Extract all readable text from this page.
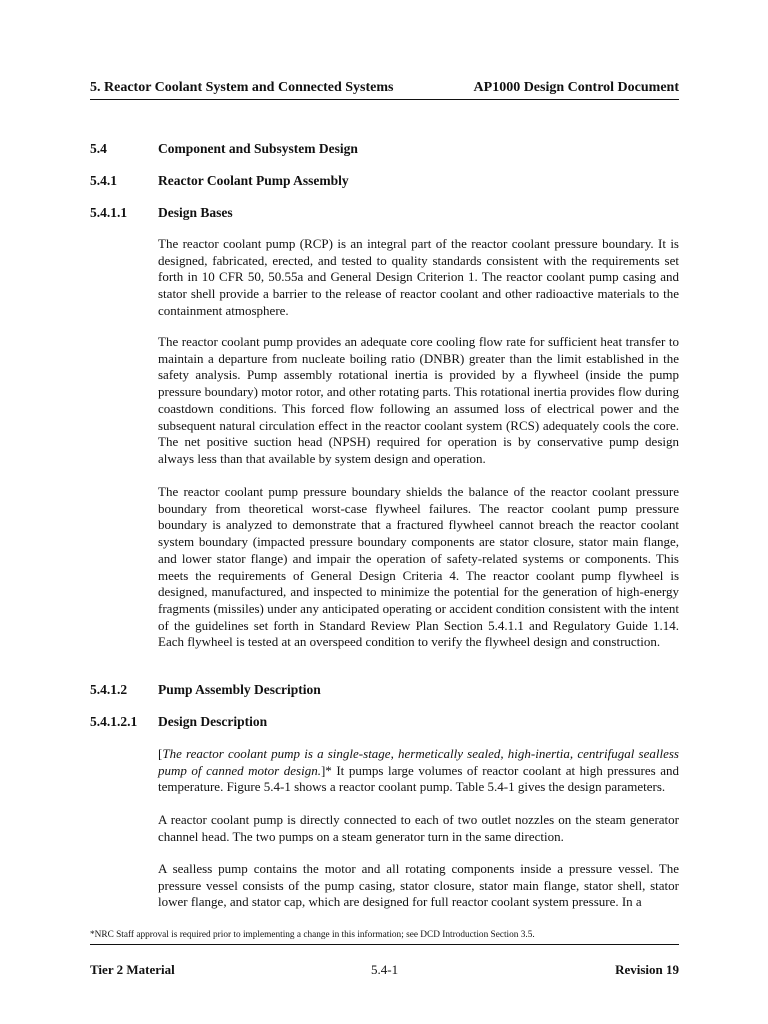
5. Reactor Coolant System and Connected Systems	AP1000 Design Control Document
5.4	Component and Subsystem Design
5.4.1	Reactor Coolant Pump Assembly
5.4.1.1 Design Bases

The reactor coolant pump (RCP) is an integral part of the reactor coolant pressure boundary. It is designed, fabricated, erected, and tested to quality standards consistent with the requirements set forth in 10 CFR 50, 50.55a and General Design Criterion 1. The reactor coolant pump casing and stator shell provide a barrier to the release of reactor coolant and other radioactive materials to the containment atmosphere.

The reactor coolant pump provides an adequate core cooling flow rate for sufficient heat transfer to maintain a departure from nucleate boiling ratio (DNBR) greater than the limit established in the safety analysis. Pump assembly rotational inertia is provided by a flywheel (inside the pump pressure boundary) motor rotor, and other rotating parts. This rotational inertia provides flow during coastdown conditions. This forced flow following an assumed loss of electrical power and the subsequent natural circulation effect in the reactor coolant system (RCS) adequately cools the core. The net positive suction head (NPSH) required for operation is by conservative pump design always less than that available by system design and operation.

The reactor coolant pump pressure boundary shields the balance of the reactor coolant pressure boundary from theoretical worst-case flywheel failures. The reactor coolant pump pressure boundary is analyzed to demonstrate that a fractured flywheel cannot breach the reactor coolant system boundary (impacted pressure boundary components are stator closure, stator main flange, and lower stator flange) and impair the operation of safety-related systems or components. This meets the requirements of General Design Criteria 4. The reactor coolant pump flywheel is designed, manufactured, and inspected to minimize the potential for the generation of high-energy fragments (missiles) under any anticipated operating or accident condition consistent with the intent of the guidelines set forth in Standard Review Plan Section 5.4.1.1 and Regulatory Guide 1.14. Each flywheel is tested at an overspeed condition to verify the flywheel design and construction.

5.4.1.2 Pump Assembly Description
5.4.1.2.1 Design Description

[The reactor coolant pump is a single-stage, hermetically sealed, high-inertia, centrifugal sealless pump of canned motor design.]* It pumps large volumes of reactor coolant at high pressures and temperature. Figure 5.4-1 shows a reactor coolant pump. Table 5.4-1 gives the design parameters.

A reactor coolant pump is directly connected to each of two outlet nozzles on the steam generator channel head. The two pumps on a steam generator turn in the same direction.

A sealless pump contains the motor and all rotating components inside a pressure vessel. The pressure vessel consists of the pump casing, stator closure, stator main flange, stator shell, stator lower flange, and stator cap, which are designed for full reactor coolant system pressure. In a

*NRC Staff approval is required prior to implementing a change in this information; see DCD Introduction Section 3.5.
Tier 2 Material	5.4-1	Revision 19
